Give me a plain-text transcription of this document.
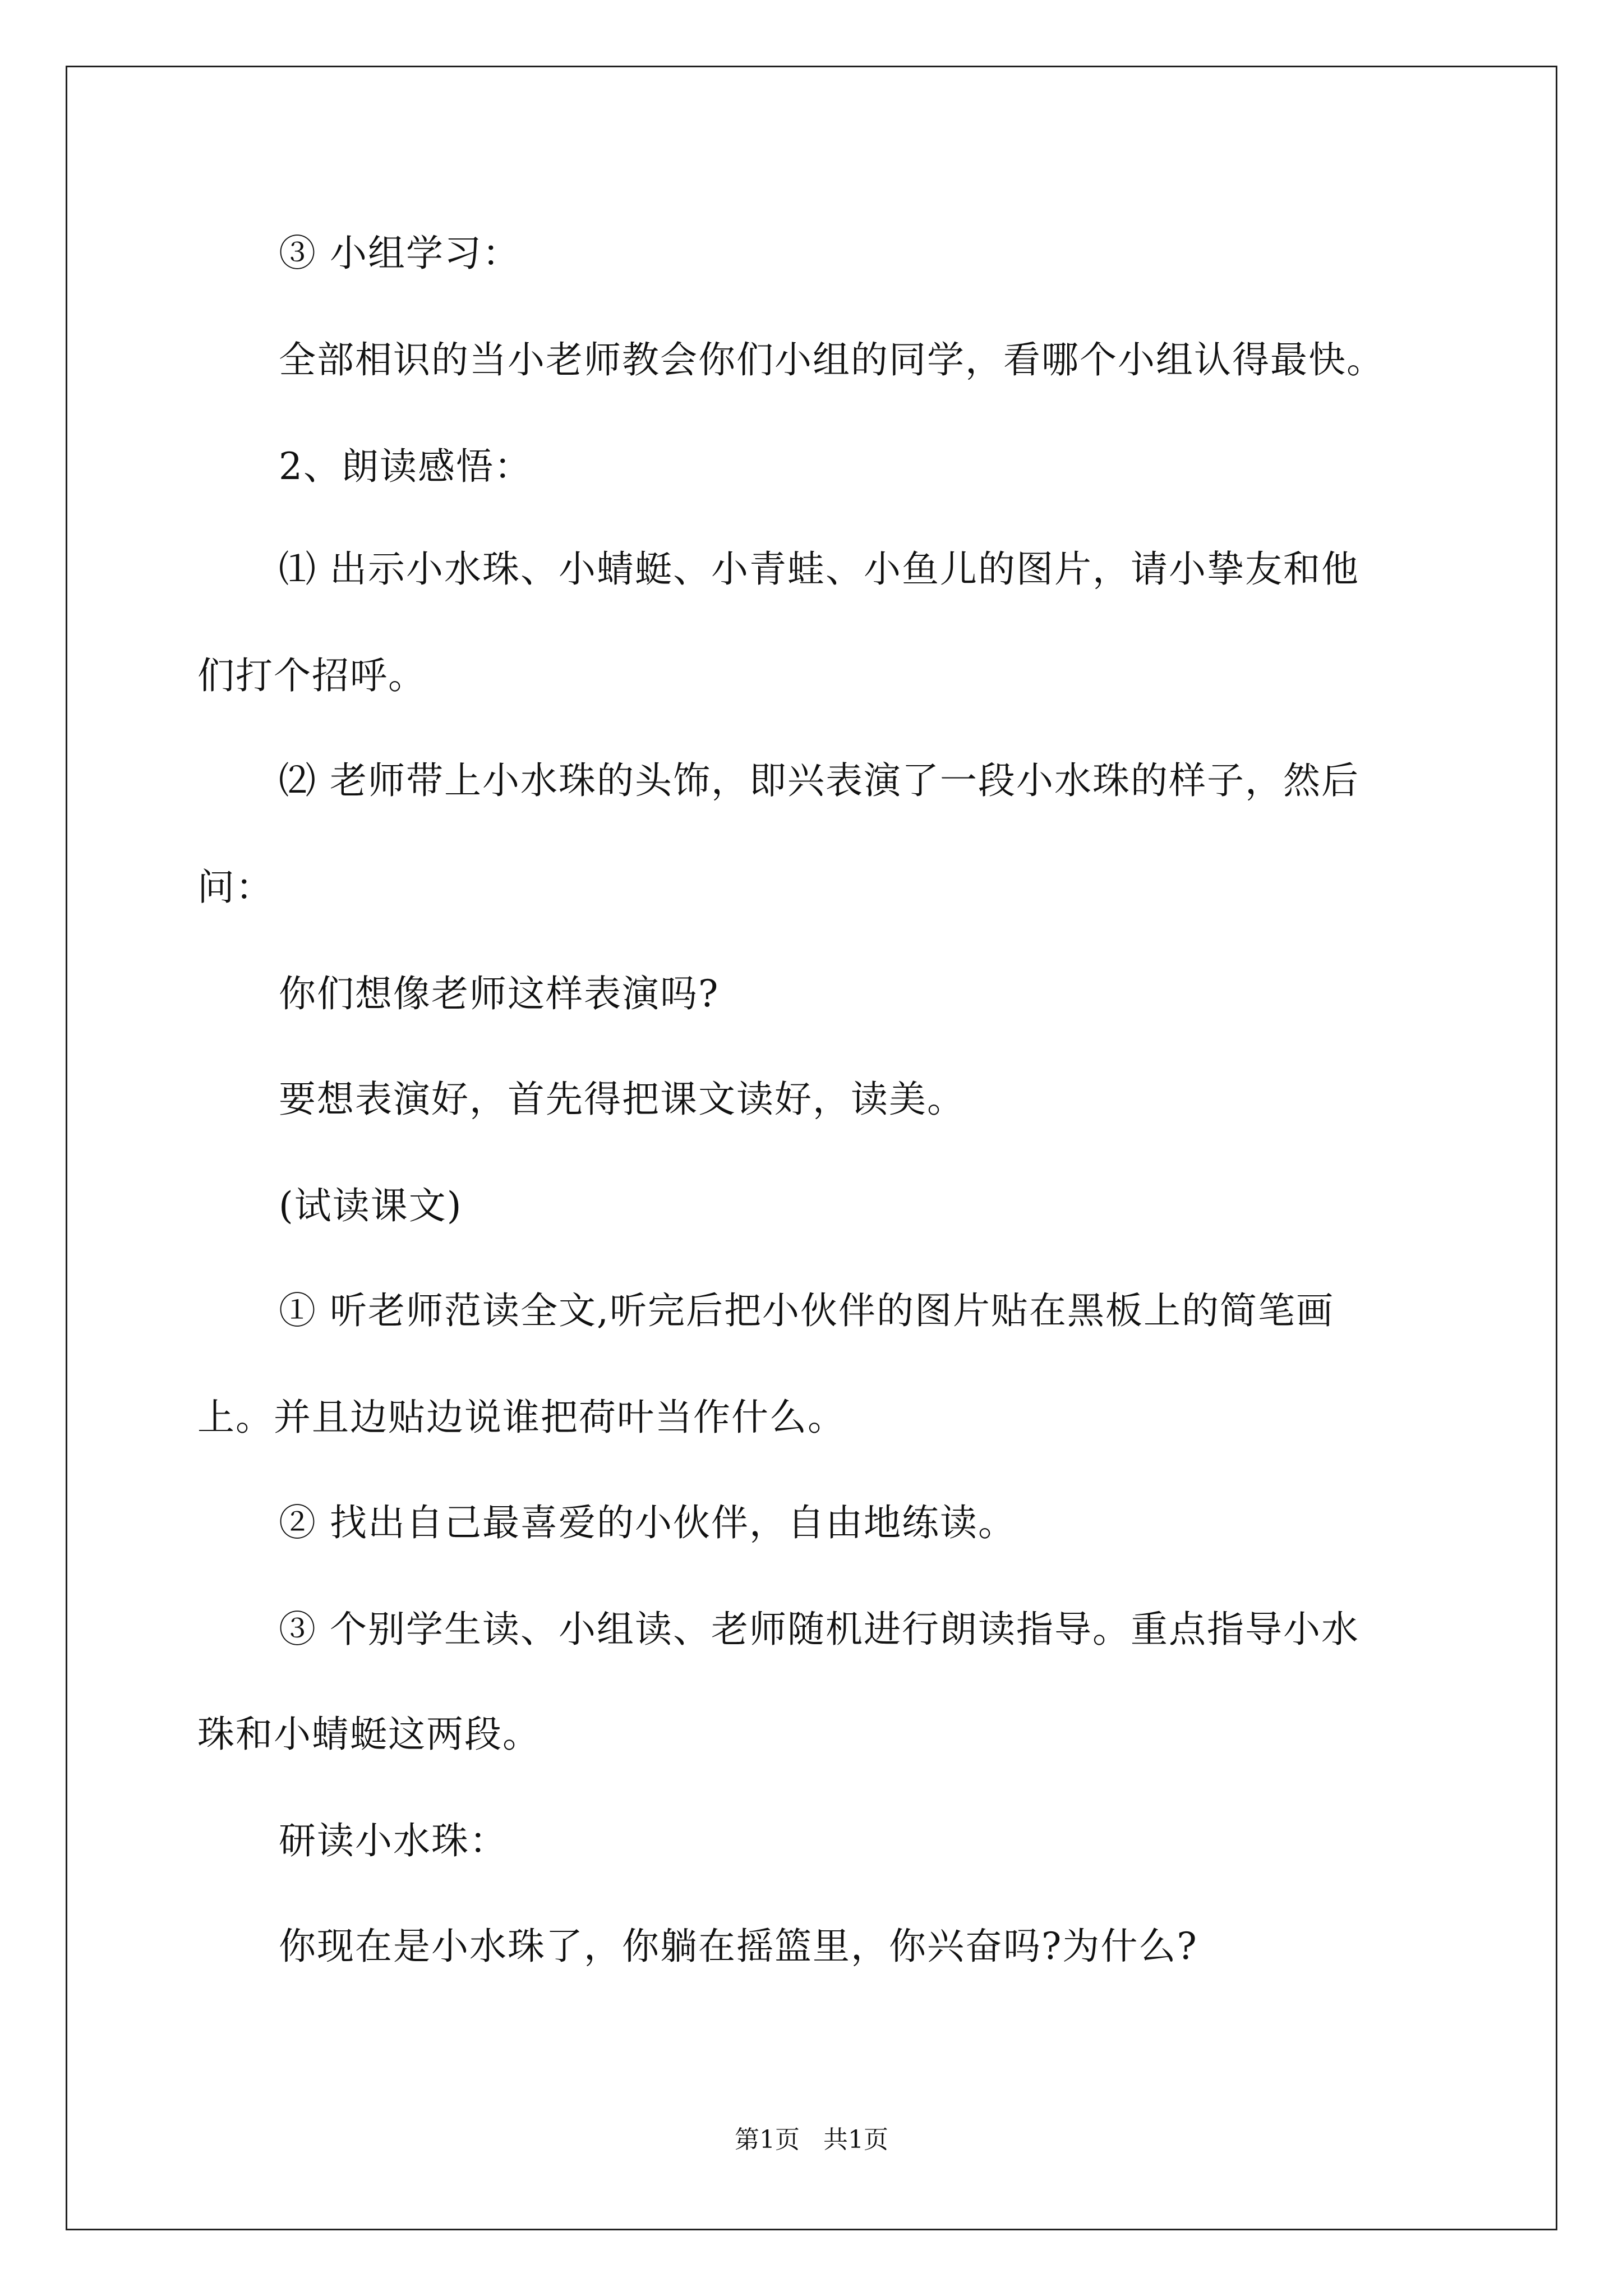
③ 小组学习：
全部相识的当小老师教会你们小组的同学，看哪个小组认得最快。
2、朗读感悟：
⑴ 出示小水珠、小蜻蜓、小青蛙、小鱼儿的图片，请小挚友和他
们打个招呼。
⑵ 老师带上小水珠的头饰，即兴表演了一段小水珠的样子，然后
问：
你们想像老师这样表演吗?
要想表演好，首先得把课文读好，读美。
(试读课文)
① 听老师范读全文,听完后把小伙伴的图片贴在黑板上的简笔画
上。并且边贴边说谁把荷叶当作什么。
② 找出自己最喜爱的小伙伴，自由地练读。
③ 个别学生读、小组读、老师随机进行朗读指导。重点指导小水
珠和小蜻蜓这两段。
研读小水珠：
你现在是小水珠了，你躺在摇篮里，你兴奋吗?为什么?
第1页 共1页
